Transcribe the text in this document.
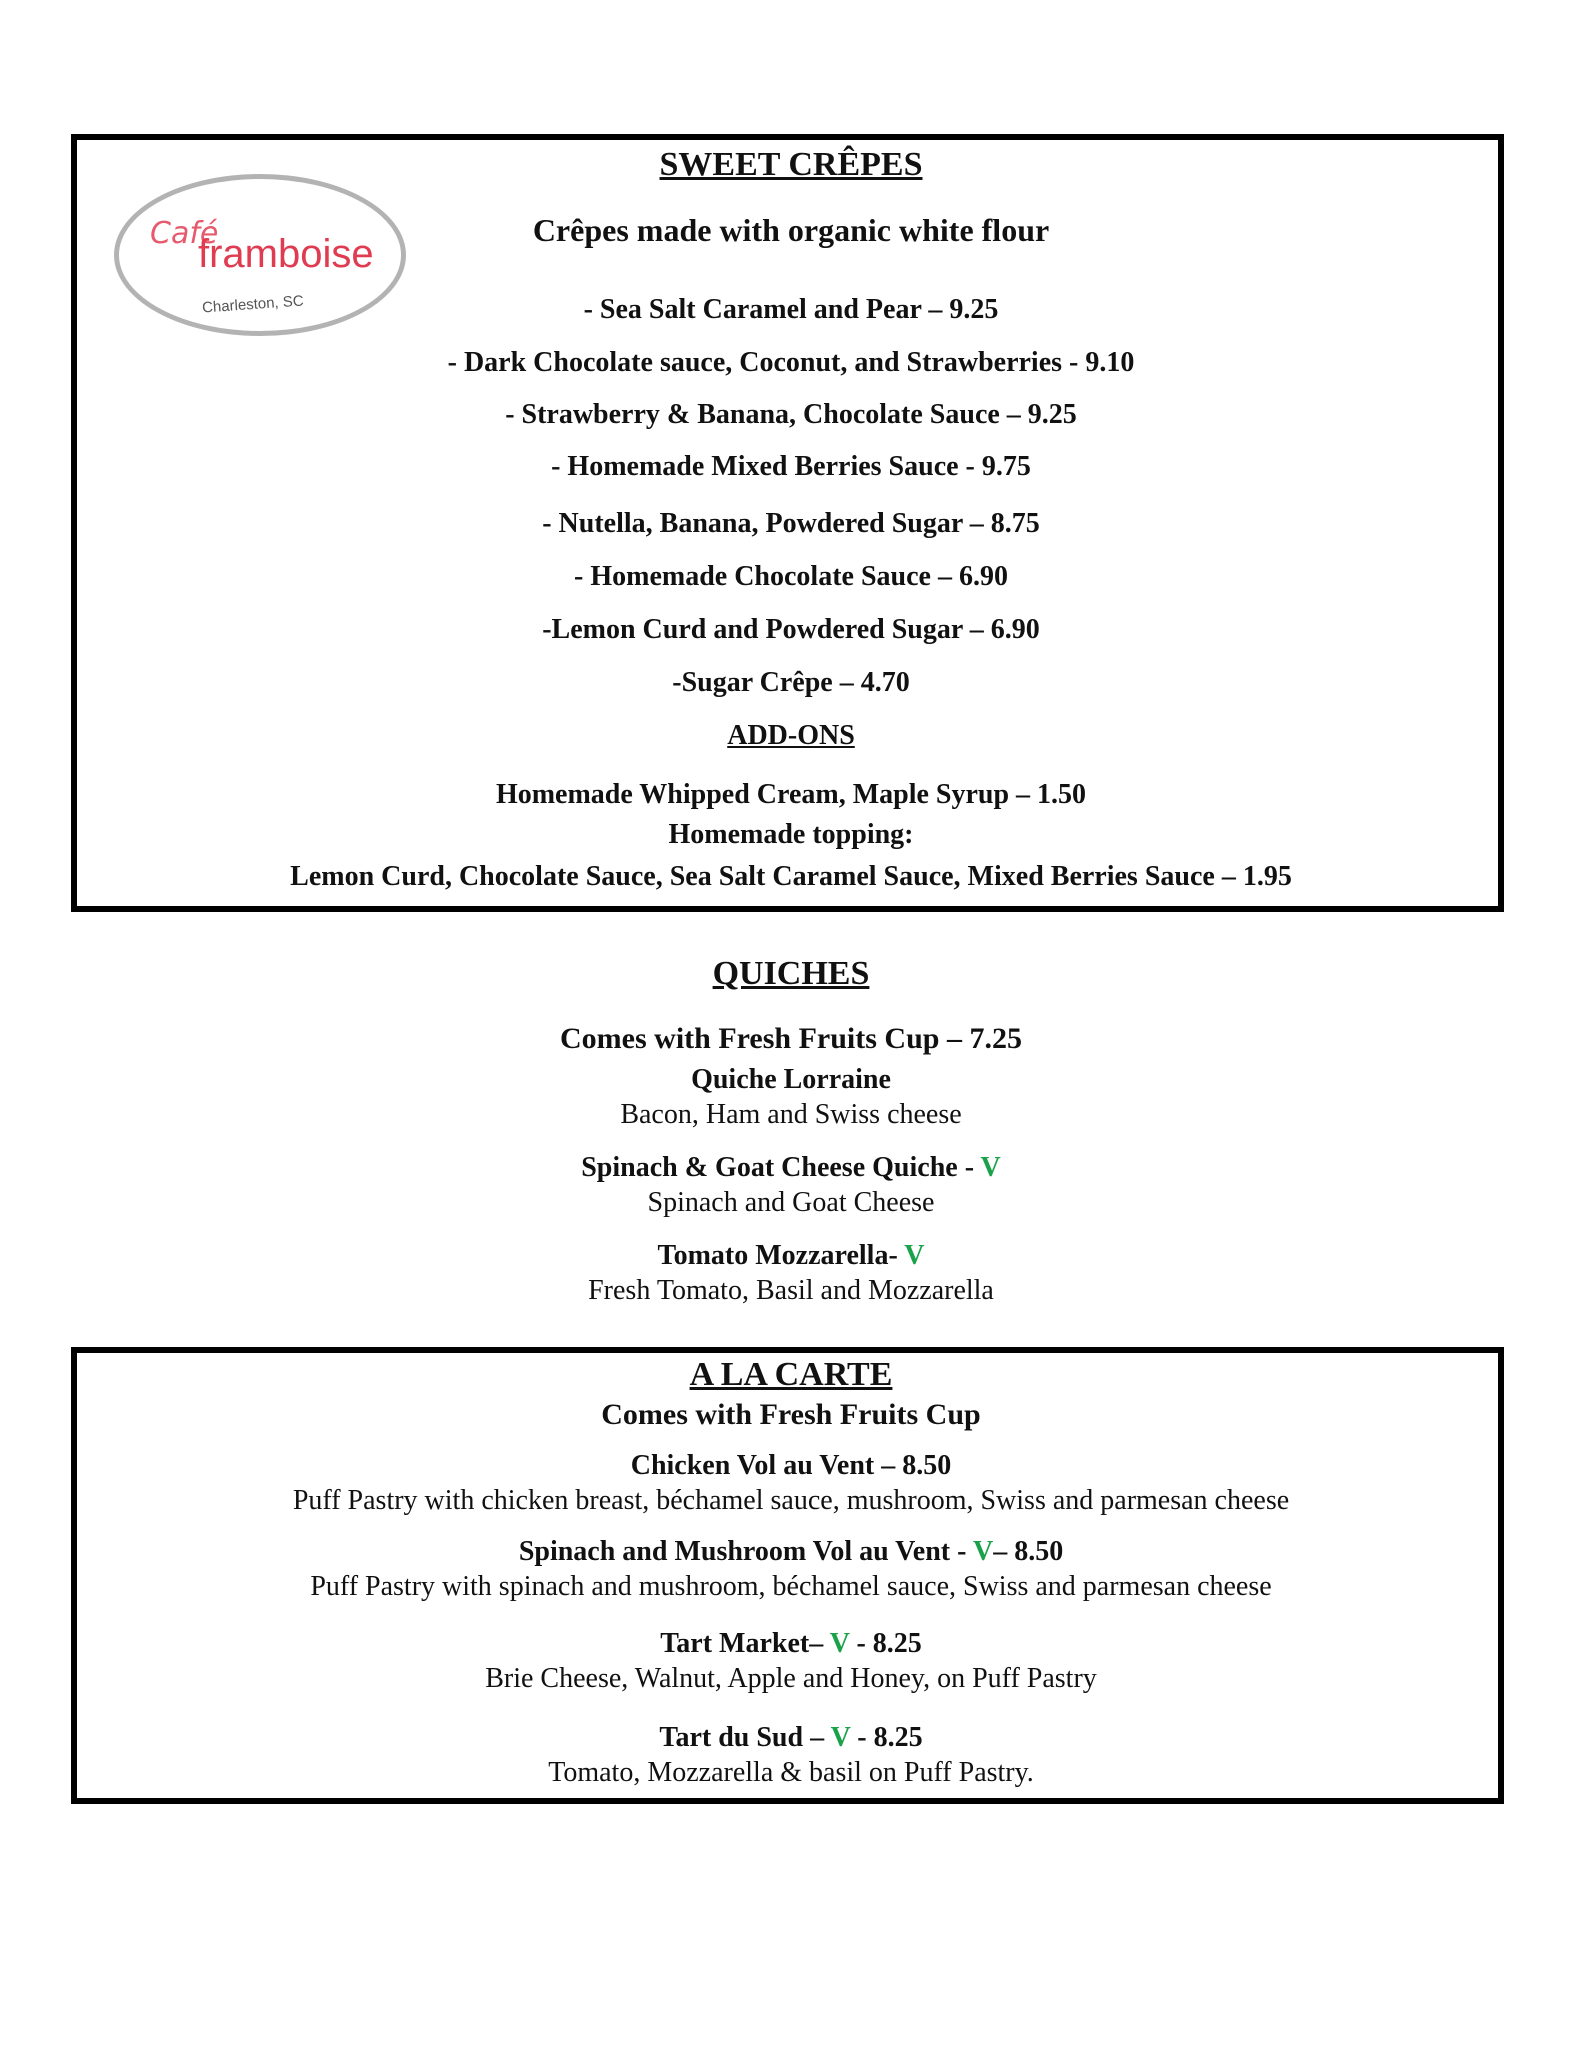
Café
framboise
Charleston, SC
SWEET CRÊPES
Crêpes made with organic white flour
- Sea Salt Caramel and Pear – 9.25
- Dark Chocolate sauce, Coconut, and Strawberries - 9.10
- Strawberry & Banana, Chocolate Sauce – 9.25
- Homemade Mixed Berries Sauce - 9.75
- Nutella, Banana, Powdered Sugar – 8.75
- Homemade Chocolate Sauce – 6.90
-Lemon Curd and Powdered Sugar – 6.90
-Sugar Crêpe – 4.70
ADD-ONS
Homemade Whipped Cream, Maple Syrup – 1.50
Homemade topping:
Lemon Curd, Chocolate Sauce, Sea Salt Caramel Sauce, Mixed Berries Sauce – 1.95
QUICHES
Comes with Fresh Fruits Cup – 7.25
Quiche Lorraine
Bacon, Ham and Swiss cheese
Spinach & Goat Cheese Quiche - V
Spinach and Goat Cheese
Tomato Mozzarella- V
Fresh Tomato, Basil and Mozzarella
A LA CARTE
Comes with Fresh Fruits Cup
Chicken Vol au Vent – 8.50
Puff Pastry with chicken breast, béchamel sauce, mushroom, Swiss and parmesan cheese
Spinach and Mushroom Vol au Vent - V– 8.50
Puff Pastry with spinach and mushroom, béchamel sauce, Swiss and parmesan cheese
Tart Market– V - 8.25
Brie Cheese, Walnut, Apple and Honey, on Puff Pastry
Tart du Sud – V - 8.25
Tomato, Mozzarella & basil on Puff Pastry.
